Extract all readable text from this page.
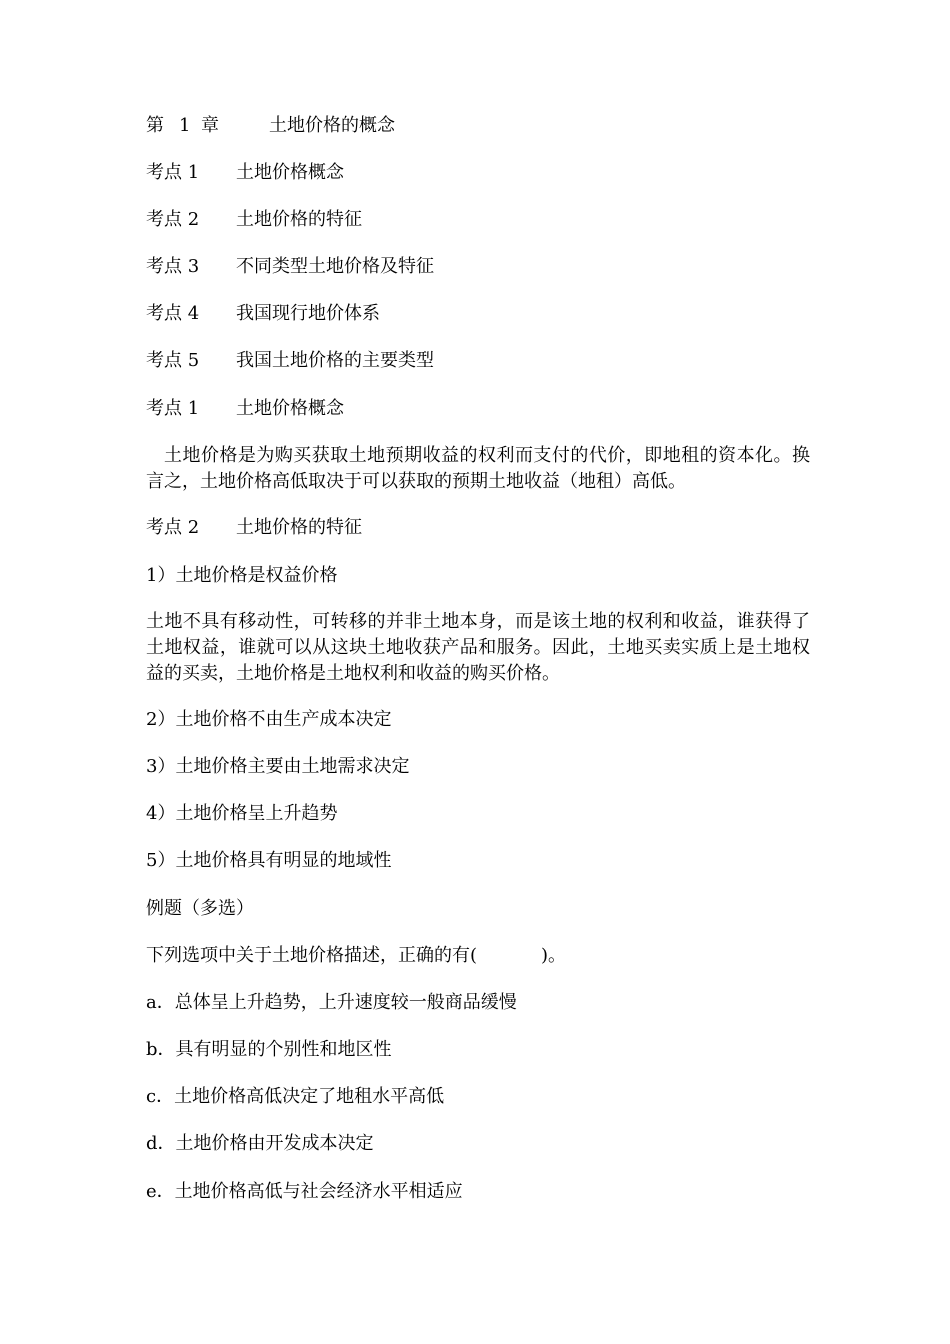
第 1 章	土地价格的概念
考点 1 土地价格概念
考点 2 土地价格的特征
考点 3 不同类型土地价格及特征
考点 4 我国现行地价体系
考点 5 我国土地价格的主要类型
考点 1 土地价格概念
土地价格是为购买获取土地预期收益的权利而支付的代价，即地租的资本化。换言之，土地价格高低取决于可以获取的预期土地收益（地租）高低。
考点 2 土地价格的特征
1）土地价格是权益价格
土地不具有移动性，可转移的并非土地本身，而是该土地的权利和收益，谁获得了土地权益，谁就可以从这块土地收获产品和服务。因此，土地买卖实质上是土地权益的买卖，土地价格是土地权利和收益的购买价格。
2）土地价格不由生产成本决定
3）土地价格主要由土地需求决定
4）土地价格呈上升趋势
5）土地价格具有明显的地域性
例题（多选）
下列选项中关于土地价格描述，正确的有(	)。
a．总体呈上升趋势，上升速度较一般商品缓慢
b．具有明显的个别性和地区性
c．土地价格高低决定了地租水平高低
d．土地价格由开发成本决定
e．土地价格高低与社会经济水平相适应
